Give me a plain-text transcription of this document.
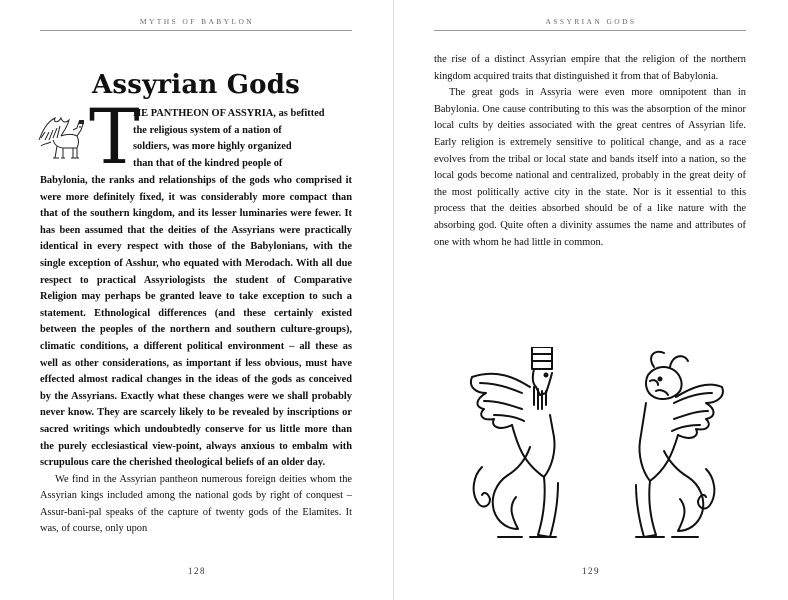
MYTHS OF BABYLON
Assyrian Gods
T
HE PANTHEON OF ASSYRIA, as befitted
the religious system of a nation of
soldiers, was more highly organized
than that of the kindred people of

Babylonia, the ranks and relationships of the gods who comprised it were more definitely fixed, it was considerably more compact than that of the southern kingdom, and its lesser luminaries were fewer. It has been assumed that the deities of the Assyrians were practically identical in every respect with those of the Babylonians, with the single exception of Asshur, who equated with Merodach. With all due respect to practical Assyriologists the student of Comparative Religion may perhaps be granted leave to take exception to such a statement. Ethnological differences (and these certainly existed between the peoples of the northern and southern culture-groups), climatic conditions, a different political environment – all these as well as other considerations, as important if less obvious, must have effected almost radical changes in the ideas of the gods as conceived by the Assyrians. Exactly what these changes were we shall probably never know. They are scarcely likely to be revealed by inscriptions or sacred writings which undoubtedly conserve for us little more than the purely ecclesiastical view-point, always anxious to embalm with scrupulous care the cherished theological beliefs of an older day.

We find in the Assyrian pantheon numerous foreign deities whom the Assyrian kings included among the national gods by right of conquest – Assur-bani-pal speaks of the capture of twenty gods of the Elamites. It was, of course, only upon

128
ASSYRIAN GODS

the rise of a distinct Assyrian empire that the religion of the northern kingdom acquired traits that distinguished it from that of Babylonia.

The great gods in Assyria were even more omnipotent than in Babylonia. One cause contributing to this was the absorption of the minor local cults by deities associated with the great centres of Assyrian life. Early religion is extremely sensitive to political change, and as a race evolves from the tribal or local state and bands itself into a nation, so the local gods become national and centralized, probably in the great deity of the most politically active city in the state. Nor is it essential to this process that the deities absorbed should be of a like nature with the absorbing god. Quite often a divinity assumes the name and attributes of one with whom he had little in common.

129
